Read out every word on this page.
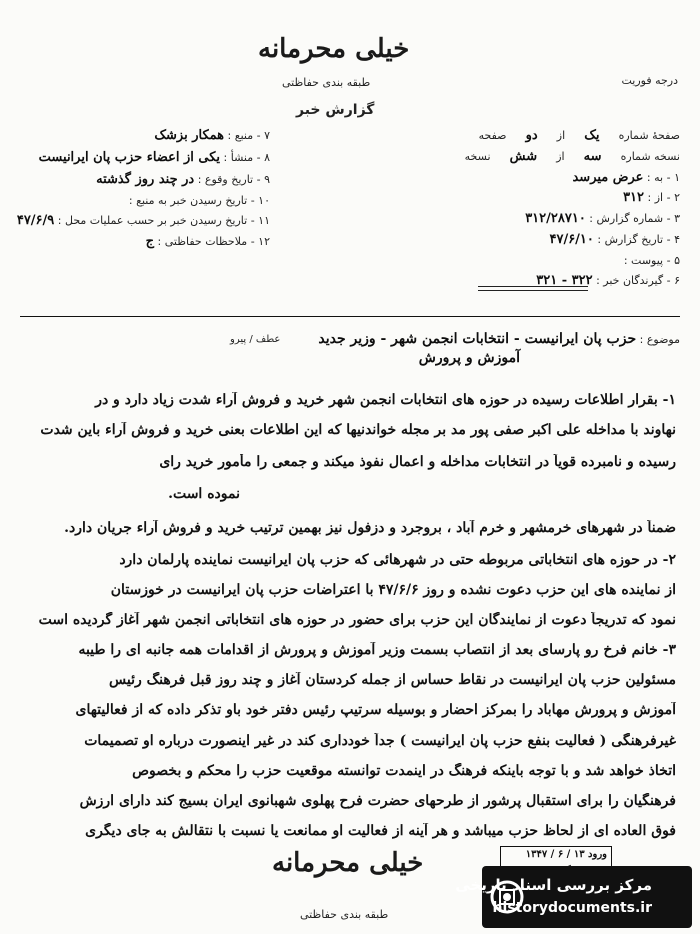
خیلی محرمانه
طبقه بندی حفاظتی	درجه فوریت
گزارش خبر
۷ - منبع : همکار بزشک
۸ - منشأ : یکی از اعضاء حزب پان ایرانیست
۹ - تاریخ وقوع : در چند روز گذشته
۱۰ - تاریخ رسیدن خبر به منبع :
۱۱ - تاریخ رسیدن خبر بر حسب عملیات محل : ۴۷/۶/۹
۱۲ - ملاحظات حفاظتی : ج
صفحهٔ شماره یک از دو صفحه
نسخه شماره سه از شش نسخه
۱ - به : عرض میرسد
۲ - از : ۳۱۲
۳ - شماره گزارش : ۳۱۲/۲۸۷۱۰
۴ - تاریخ گزارش : ۴۷/۶/۱۰
۵ - پیوست :
۶ - گیرندگان خبر : ۳۲۲ - ۳۲۱
موضوع : حزب پان ایرانیست - انتخابات انجمن شهر - وزیر جدید
عطف / پیرو
آموزش و پرورش
۱- بقرار اطلاعات رسیده در حوزه های انتخابات انجمن شهر خرید و فروش آراء شدت زیاد دارد و در
نهاوند با مداخله علی اکبر صفی پور مد بر مجله خواندنیها که این اطلاعات بعنی خرید و فروش آراء باین شدت
رسیده و نامبرده قویاً در انتخابات مداخله و اعمال نفوذ میکند و جمعی را مأمور خرید رای
نموده است.
ضمناً در شهرهای خرمشهر و خرم آباد ، بروجرد و دزفول نیز بهمین ترتیب خرید و فروش آراء جریان دارد.
۲- در حوزه های انتخاباتی مربوطه حتی در شهرهائی که حزب پان ایرانیست نماینده پارلمان دارد
از نماینده های این حزب دعوت نشده و روز ۴۷/۶/۶ با اعتراضات حزب پان ایرانیست در خوزستان
نمود که تدریجاً دعوت از نمایندگان این حزب برای حضور در حوزه های انتخاباتی انجمن شهر آغاز گردیده است
۳- خانم فرخ رو پارسای بعد از انتصاب بسمت وزیر آموزش و پرورش از اقدامات همه جانبه ای را طیبه
مسئولین حزب پان ایرانیست در نقاط حساس از جمله کردستان آغاز و چند روز قبل فرهنگ رئیس
آموزش و پرورش مهاباد را بمرکز احضار و بوسیله سرتیپ رئیس دفتر خود باو تذکر داده که از فعالیتهای
غیرفرهنگی ( فعالیت بنفع حزب پان ایرانیست ) جداً خودداری کند در غیر اینصورت درباره او تصمیمات
اتخاذ خواهد شد و با توجه باینکه فرهنگ در اینمدت توانسته موقعیت حزب را محکم و بخصوص
فرهنگیان را برای استقبال پرشور از طرحهای حضرت فرح پهلوی شهبانوی ایران بسیج کند دارای ارزش
فوق العاده ای از لحاظ حزب میباشد و هر آینه از فعالیت او ممانعت یا نسبت با نتقالش به جای دیگری
ورود ۱۳ / ۶ / ۱۳۴۷
خیلی محرمانه
طبقه بندی حفاظتی
مرکز بررسی اسناد تاریخی
historydocuments.ir
